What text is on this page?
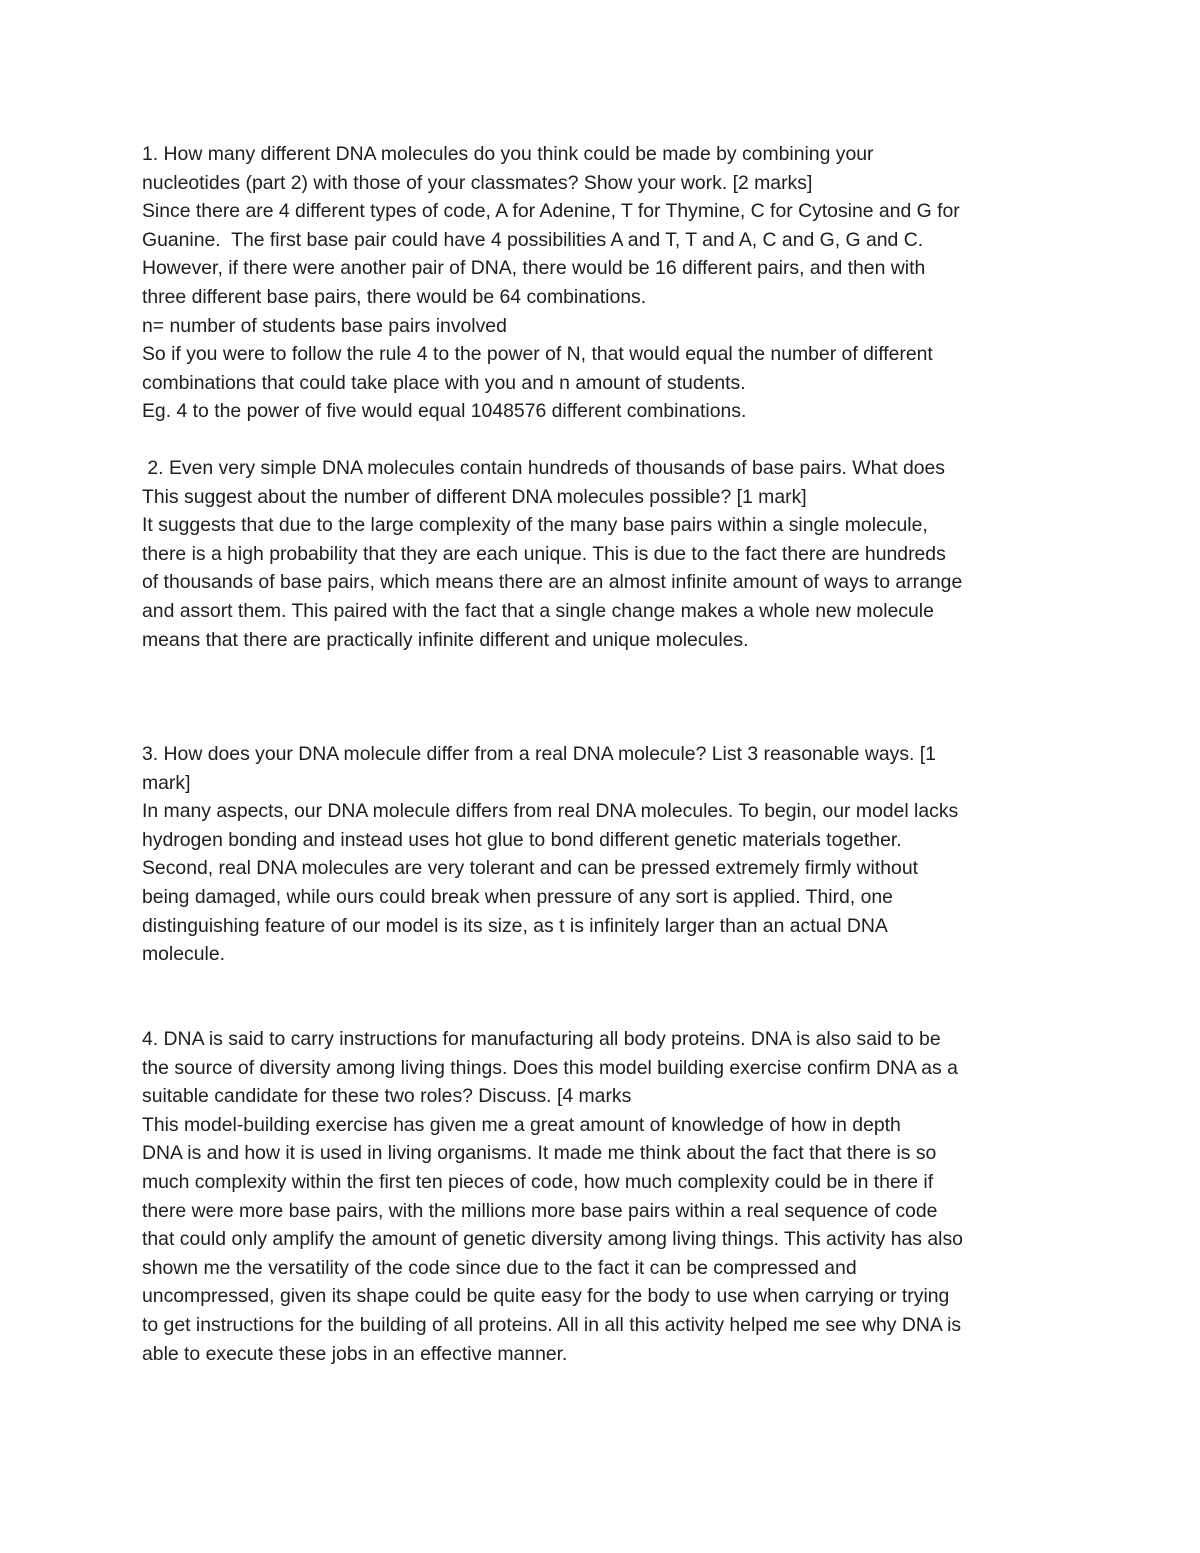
1. How many different DNA molecules do you think could be made by combining your
nucleotides (part 2) with those of your classmates? Show your work. [2 marks]
Since there are 4 different types of code, A for Adenine, T for Thymine, C for Cytosine and G for
Guanine.  The first base pair could have 4 possibilities A and T, T and A, C and G, G and C.
However, if there were another pair of DNA, there would be 16 different pairs, and then with
three different base pairs, there would be 64 combinations.
n= number of students base pairs involved
So if you were to follow the rule 4 to the power of N, that would equal the number of different
combinations that could take place with you and n amount of students.
Eg. 4 to the power of five would equal 1048576 different combinations.
2. Even very simple DNA molecules contain hundreds of thousands of base pairs. What does
This suggest about the number of different DNA molecules possible? [1 mark]
It suggests that due to the large complexity of the many base pairs within a single molecule,
there is a high probability that they are each unique. This is due to the fact there are hundreds
of thousands of base pairs, which means there are an almost infinite amount of ways to arrange
and assort them. This paired with the fact that a single change makes a whole new molecule
means that there are practically infinite different and unique molecules.
3. How does your DNA molecule differ from a real DNA molecule? List 3 reasonable ways. [1
mark]
In many aspects, our DNA molecule differs from real DNA molecules. To begin, our model lacks
hydrogen bonding and instead uses hot glue to bond different genetic materials together.
Second, real DNA molecules are very tolerant and can be pressed extremely firmly without
being damaged, while ours could break when pressure of any sort is applied. Third, one
distinguishing feature of our model is its size, as t is infinitely larger than an actual DNA
molecule.
4. DNA is said to carry instructions for manufacturing all body proteins. DNA is also said to be
the source of diversity among living things. Does this model building exercise confirm DNA as a
suitable candidate for these two roles? Discuss. [4 marks
This model-building exercise has given me a great amount of knowledge of how in depth
DNA is and how it is used in living organisms. It made me think about the fact that there is so
much complexity within the first ten pieces of code, how much complexity could be in there if
there were more base pairs, with the millions more base pairs within a real sequence of code
that could only amplify the amount of genetic diversity among living things. This activity has also
shown me the versatility of the code since due to the fact it can be compressed and
uncompressed, given its shape could be quite easy for the body to use when carrying or trying
to get instructions for the building of all proteins. All in all this activity helped me see why DNA is
able to execute these jobs in an effective manner.
